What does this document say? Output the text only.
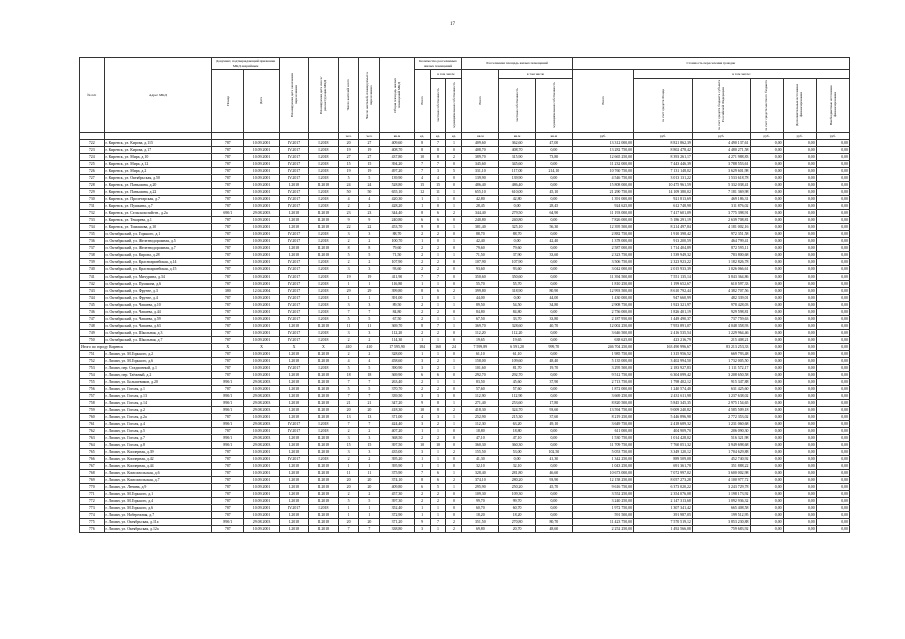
17
№ п/п	Адрес МКД	Документ, подтверждающий признание МКД аварийным		Планируемая дата окончания переселения	Планируемая дата сноса/ реконструкции МКД	Число жителей всего	Число жителей, планируемых к переселению	Общая площадь жилых помещений МКД	Количество расселяемых жилых помещений			Расселяемая площадь жилых помещений			Стоимость переселения граждан					
		Номер	Дата						Всего	в том числе		Всего	в том числе		Всего	в том числе:				
										частная собственность	муниципальная собственность		частная собственность	муниципальная собственность		за счет средств Фонда	за счет средств бюджета субъекта Российской Федерации	за счет средств местного бюджета	Дополнительные источники финансирования	Внебюджетные источники финансирования
						чел.	чел.	кв.м	ед.	ед.	ед.	кв.м	кв.м	кв.м	руб.	руб.	руб.	руб.	руб.	руб.
722	г. Киренск, ул. Кирова, д.115	787	10.09.2001	IV.2017	I.2018	20	27	409,60	8	7	1	409,60	362,60	47,00	13 312 000,00	8 821 862,39	4 490 137,61	0,00	0,00	0,00
723	г. Киренск, ул. Кирова, д.17	787	10.09.2001	IV.2017	I.2018	19	19	408,70	8	8	0	408,70	408,70	0,00	13 282 750,00	8 802 478,42	4 480 271,58	0,00	0,00	0,00
724	г. Киренск, ул. Мира, д.10	787	10.09.2001	IV.2017	I.2018	27	27	437,80	10	8	2	389,70	315,90	73,80	12 665 250,00	8 393 261,17	4 271 988,83	0,00	0,00	0,00
725	г. Киренск, ул. Мира, д.12	787	10.09.2001	IV.2017	I.2018	15	15	394,20	7	7	0	345,60	345,60	0,00	11 232 000,00	7 443 446,39	3 788 553,61	0,00	0,00	0,00
726	г. Киренск, ул. Мира, д.2	787	10.09.2001	IV.2017	I.2018	19	19	497,20	7	3	5	331,10	117,00	214,10	10 760 750,00	7 131 148,02	3 629 601,98	0,00	0,00	0,00
727	г. Киренск, ул. Октябрьская, д.50	787	10.09.2001	IV.2017	I.2018	5	5	139,90	4	4	0	139,90	139,90	0,00	4 546 750,00	3 013 131,22	1 533 618,78	0,00	0,00	0,00
728	г. Киренск, ул. Паньшина, д.20	787	10.09.2001	I.2018	II.2018	24	24	528,80	15	15	0	486,40	486,40	0,00	15 808 000,00	10 475 961,59	5 332 038,41	0,00	0,00	0,00
729	г. Киренск, ул. Паньшина, д.22	787	10.09.2001	IV.2017	I.2018	50	50	655,10	12	11	1	655,10	610,00	45,10	21 290 750,00	14 109 380,02	7 181 369,98	0,00	0,00	0,00
730	г. Киренск, ул. Пролетарская, д.7	787	10.09.2001	IV.2017	I.2018	4	4	420,30	1	1	0	42,80	42,80	0,00	1 391 000,00	921 813,69	469 186,31	0,00	0,00	0,00
731	г. Киренск, ул. Пушкина, д.7	787	10.09.2001	IV.2017	I.2018	2	2	428,20	1	0	1	28,45	0,00	28,45	924 625,00	612 748,98	311 876,02	0,00	0,00	0,00
732	г. Киренск, ул. Сельскохозяйств., д.2а	690/1	29.08.2003	I.2018	II.2018	23	23	344,40	8	6	2	344,40	279,50	64,90	11 193 000,00	7 417 601,09	3 775 398,91	0,00	0,00	0,00
733	г. Киренск, ул. Текарева, д.1	787	10.09.2001	I.2018	II.2018	9	9	240,80	6	6	0	240,80	240,80	0,00	7 826 000,00	5 186 291,19	2 639 708,81	0,00	0,00	0,00
734	г. Киренск, ул. Тимашова, д.10	787	10.09.2001	I.2018	II.2018	22	22	453,70	9	8	1	381,40	325,10	56,30	12 395 500,00	8 214 497,84	4 181 002,16	0,00	0,00	0,00
735	п. Октябрьский, ул. Горького, д.1	787	10.09.2001	IV.2017	I.2018	3	3	88,70	2	2	0	88,70	88,70	0,00	2 882 750,00	1 910 398,42	972 351,58	0,00	0,00	0,00
736	п. Октябрьский, ул. Железнодорожная, д.5	787	10.09.2001	IV.2017	I.2018	2	2	100,70	1	0	1	42,40	0,00	42,40	1 378 000,00	913 200,59	464 799,41	0,00	0,00	0,00
737	п. Октябрьский, ул. Железнодорожная, д.7	787	10.09.2001	I.2018	II.2018	8	8	79,60	2	2	0	79,60	79,60	0,00	2 587 000,00	1 714 404,89	872 595,11	0,00	0,00	0,00
738	п. Октябрьский, ул. Кирова, д.28	787	10.09.2001	I.2018	II.2018	5	5	71,50	2	1	1	71,50	37,90	33,60	2 323 750,00	1 539 949,32	783 800,68	0,00	0,00	0,00
739	п. Октябрьский, ул. Красноармейская, д.14	787	10.09.2001	IV.2017	I.2018	2	2	107,90	2	2	0	107,90	107,90	0,00	3 506 750,00	2 323 923,22	1 182 826,78	0,00	0,00	0,00
740	п. Октябрьский, ул. Красноармейская, д.15	787	10.09.2001	IV.2017	I.2018	3	3	93,60	2	2	0	93,60	93,60	0,00	3 042 000,00	2 015 933,39	1 026 066,61	0,00	0,00	0,00
741	п. Октябрьский, ул. Мичурина, д.34	787	10.09.2001	IV.2017	I.2018	19	19	411,90	7	7	0	350,60	350,60	0,00	11 394 500,00	7 551 135,14	3 843 364,86	0,00	0,00	0,00
742	п. Октябрьский, ул. Пушкина, д.6	787	10.09.2001	IV.2017	I.2018	1	1	116,80	1	1	0	55,70	55,70	0,00	1 810 250,00	1 199 652,67	610 597,33	0,00	0,00	0,00
743	п. Октябрьский, ул. Фрунзе, д.3	380	12.04.2004	IV.2017	I.2018	29	29	399,80	8	6	2	399,80	318,90	80,90	12 993 500,00	8 610 792,44	4 382 707,56	0,00	0,00	0,00
744	п. Октябрьский, ул. Фрунзе, д.4	787	10.09.2001	IV.2017	I.2018	1	1	391,00	1	0	1	44,00	0,00	44,00	1 430 000,00	947 660,99	482 339,01	0,00	0,00	0,00
745	п. Октябрьский, ул. Чапаева, д.10	787	10.09.2001	IV.2017	I.2018	3	3	89,50	2	1	1	89,50	54,50	34,80	2 908 750,00	1 923 321,97	978 428,03	0,00	0,00	0,00
746	п. Октябрьский, ул. Чапаева, д.44	787	10.09.2001	IV.2017	I.2018	7	7	84,80	2	2	0	84,80	84,80	0,00	2 756 000,00	1 826 401,19	929 598,81	0,00	0,00	0,00
747	п. Октябрьский, ул. Чапаева, д.59	787	10.09.2001	IV.2017	I.2018	5	5	67,50	2	1	1	67,50	33,70	33,80	2 187 950,00	1 449 490,37	737 759,63	0,00	0,00	0,00
748	п. Октябрьский, ул. Чапаева, д.63	787	10.09.2001	I.2018	II.2018	11	11	369,70	8	7	1	369,70	328,60	40,70	12 002 250,00	7 953 891,07	4 048 358,93	0,00	0,00	0,00
749	п. Октябрьский, ул. Школьная, д.3	787	10.09.2001	IV.2017	I.2018	3	3	112,20	2	2	0	112,20	112,20	0,00	3 646 500,00	2 416 535,54	1 229 964,46	0,00	0,00	0,00
750	п. Октябрьский, ул. Школьная, д.7	787	10.09.2001	IV.2017	I.2018	2	2	114,30	1	1	0	19,65	19,65	0,00	638 625,00	423 216,79	215 408,21	0,00	0,00	0,00
Итого по городу Киренск		X	X	X	X	410	410	17 595,90	184	160	24	7 599,89	6 591,20	999,70	246 704 250,00	163 490 996,67	83 213 253,33	0,00	0,00	0,00
751	г. Лиман, ул. М.Горького, д.2	787	10.09.2001	I.2018	II.2018	2	2	328,00	1	1	0	61,10	61,10	0,00	1 985 750,00	1 315 956,52	669 793,48	0,00	0,00	0,00
752	г. Лиман, ул. М.Горького, д.6	787	10.09.2001	I.2018	II.2018	4	4	458,60	3	2	1	158,00	109,60	48,40	5 135 000,00	3 402 994,50	1 732 005,50	0,00	0,00	0,00
753	г. Лиман, пер. Стадионный, д.1	787	10.09.2001	IV.2017	I.2018	5	5	390,90	3	2	1	101,60	81,70	19,70	3 295 500,00	2 183 927,83	1 111 572,17	0,00	0,00	0,00
754	г. Лиман, пер. Таёжный, д.2	787	10.09.2001	I.2018	II.2018	18	18	369,90	6	6	0	292,70	292,70	0,00	9 512 750,00	6 304 099,42	3 208 650,58	0,00	0,00	0,00
755	г. Лиман, ул. Большевиков, д.20	890/1	29.08.2003	I.2018	II.2018	7	7	263,40	2	1	1	83,50	45,60	37,90	2 713 750,00	1 798 402,12	915 347,88	0,00	0,00	0,00
756	г. Лиман, ул. Гоголя, д.1	787	10.09.2001	I.2018	II.2018	5	5	370,70	2	2	0	57,60	57,60	0,00	1 872 000,00	1 240 574,40	631 425,60	0,00	0,00	0,00
757	г. Лиман, ул. Гоголя, д.13	890/1	29.08.2003	I.2018	II.2018	7	7	339,50	3	3	0	112,90	112,90	0,00	3 669 250,00	2 431 611,98	1 237 638,02	0,00	0,00	0,00
758	г. Лиман, ул. Гоголя, д.14	890/1	29.08.2003	I.2018	II.2018	21	21	347,20	9	8	1	271,40	253,60	17,80	8 820 500,00	5 845 345,35	2 975 154,65	0,00	0,00	0,00
759	г. Лиман, ул. Гоголя, д.2	890/1	29.08.2003	I.2018	II.2018	20	20	418,30	10	8	2	418,30	324,70	93,60	13 594 750,00	9 009 240,82	4 585 509,18	0,00	0,00	0,00
760	г. Лиман, ул. Гоголя, д.2а	787	10.09.2001	I.2018	II.2018	13	13	371,00	4	3	1	252,90	215,30	37,60	8 219 250,00	5 446 896,98	2 772 353,02	0,00	0,00	0,00
761	г. Лиман, ул. Гоголя, д.4	890/1	29.08.2003	IV.2017	I.2018	7	7	424,40	3	2	1	112,30	63,20	49,10	3 649 750,00	2 418 689,32	1 231 060,68	0,00	0,00	0,00
762	г. Лиман, ул. Гоголя, д.5	787	10.09.2001	IV.2017	I.2018	2	2	407,20	1	1	0	18,80	18,80	0,00	611 000,00	404 909,70	206 090,30	0,00	0,00	0,00
763	г. Лиман, ул. Гоголя, д.7	890/1	29.08.2003	I.2018	II.2018	3	3	368,50	2	2	0	47,10	47,10	0,00	1 530 750,00	1 014 428,02	516 321,98	0,00	0,00	0,00
764	г. Лиман, ул. Гоголя, д.8	890/1	29.08.2003	I.2018	II.2018	15	15	397,50	10	10	0	360,30	360,30	0,00	11 709 750,00	7 760 051,32	3 949 698,68	0,00	0,00	0,00
765	г. Лиман, ул. Кооперная, д.39	787	10.09.2001	I.2018	II.2018	3	3	435,00	3	1	2	155,50	53,00	102,50	5 053 750,00	3 349 120,12	1 704 629,88	0,00	0,00	0,00
766	г. Лиман, ул. Кооперная, д.42	787	10.09.2001	IV.2017	I.2018	2	2	395,20	1	1	0	41,30	0,00	41,30	1 342 250,00	889 509,08	452 740,92	0,00	0,00	0,00
767	г. Лиман, ул. Кооперная, д.44	787	10.09.2001	I.2018	II.2018	1	1	395,90	1	1	0	32,10	32,10	0,00	1 043 250,00	691 361,78	351 888,22	0,00	0,00	0,00
768	г. Лиман, ул. Комсомольская, д.6	787	10.09.2001	I.2018	II.2018	11	11	375,90	7	6	1	328,40	281,80	46,60	10 673 000,00	7 072 997,02	3 600 002,98	0,00	0,00	0,00
769	г. Лиман, ул. Комсомольская, д.7	787	10.09.2001	I.2018	II.2018	20	20	374,10	8	6	2	374,10	280,20	93,90	12 158 250,00	8 057 273,28	4 100 977,72	0,00	0,00	0,00
770	г. Лиман, ул. Ленина, д.9	787	10.09.2001	I.2018	II.2018	20	20	409,80	6	5	1	295,90	250,20	45,70	9 616 750,00	6 373 020,22	3 243 729,78	0,00	0,00	0,00
771	г. Лиман, ул. М.Горького, д.1	787	10.09.2001	I.2018	II.2018	2	2	457,30	2	2	0	109,30	109,30	0,00	3 552 250,00	2 354 076,08	1 198 173,92	0,00	0,00	0,00
772	г. Лиман, ул. М.Горького, д.4	787	10.09.2001	I.2018	II.2018	5	5	397,30	2	2	0	99,70	99,70	0,00	3 240 250,00	2 147 313,68	1 092 936,32	0,00	0,00	0,00
773	г. Лиман, ул. М.Горького, д.6	787	10.09.2001	IV.2017	I.2018	1	1	352,40	1	1	0	60,70	60,70	0,00	1 972 750,00	1 307 341,42	665 408,58	0,00	0,00	0,00
774	г. Лиман, ул. Набережная, д.7	787	10.09.2001	I.2018	II.2018	1	1	372,90	1	1	0	18,20	18,20	0,00	591 500,00	391 987,05	199 512,95	0,00	0,00	0,00
775	г. Лиман, ул. Октябрьская, д.11а	890/1	29.08.2003	I.2018	II.2018	20	20	371,20	9	7	2	351,50	270,80	80,70	11 423 750,00	7 570 519,12	3 853 230,88	0,00	0,00	0,00
776	г. Лиман, ул. Октябрьская, д.12а	787	10.09.2001	I.2018	II.2018	7	7	338,80	3	1	2	69,80	20,70	48,60	2 252 250,00	1 492 566,08	759 683,92	0,00	0,00	0,00
